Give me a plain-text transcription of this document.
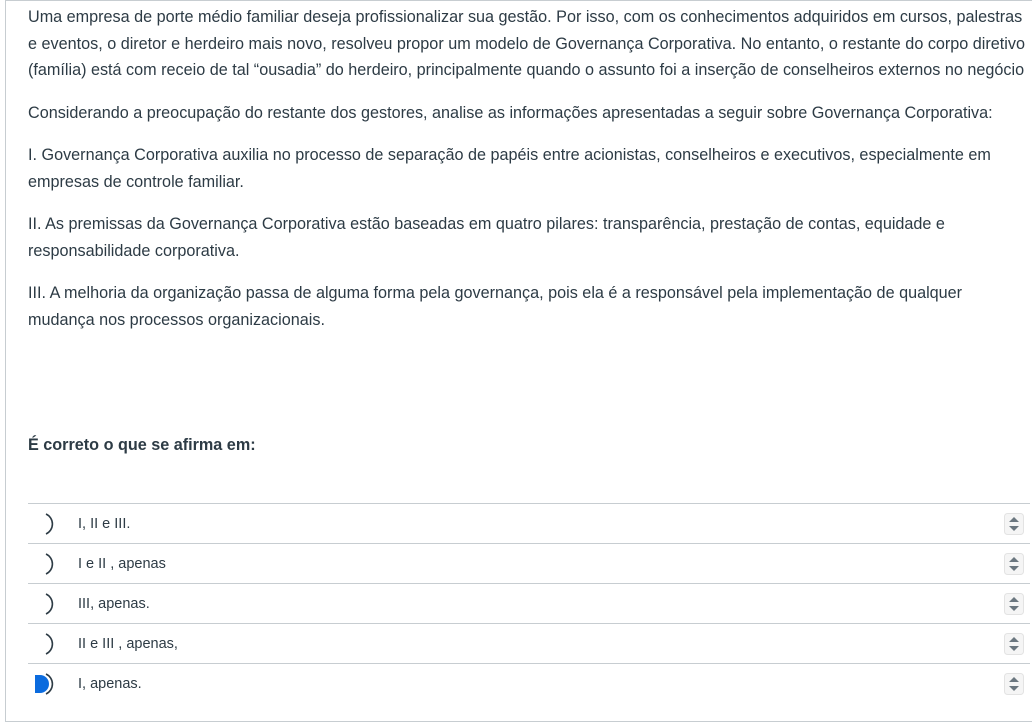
Uma empresa de porte médio familiar deseja profissionalizar sua gestão. Por isso, com os conhecimentos adquiridos em cursos, palestras e eventos, o diretor e herdeiro mais novo, resolveu propor um modelo de Governança Corporativa. No entanto, o restante do corpo diretivo (família) está com receio de tal “ousadia” do herdeiro, principalmente quando o assunto foi a inserção de conselheiros externos no negócio

Considerando a preocupação do restante dos gestores, analise as informações apresentadas a seguir sobre Governança Corporativa:

I. Governança Corporativa auxilia no processo de separação de papéis entre acionistas, conselheiros e executivos, especialmente em empresas de controle familiar.

II. As premissas da Governança Corporativa estão baseadas em quatro pilares: transparência, prestação de contas, equidade e responsabilidade corporativa.

III. A melhoria da organização passa de alguma forma pela governança, pois ela é a responsável pela implementação de qualquer mudança nos processos organizacionais.

É correto o que se afirma em:
I, II e III.
I e II , apenas
III, apenas.
II e III , apenas,
I, apenas.
